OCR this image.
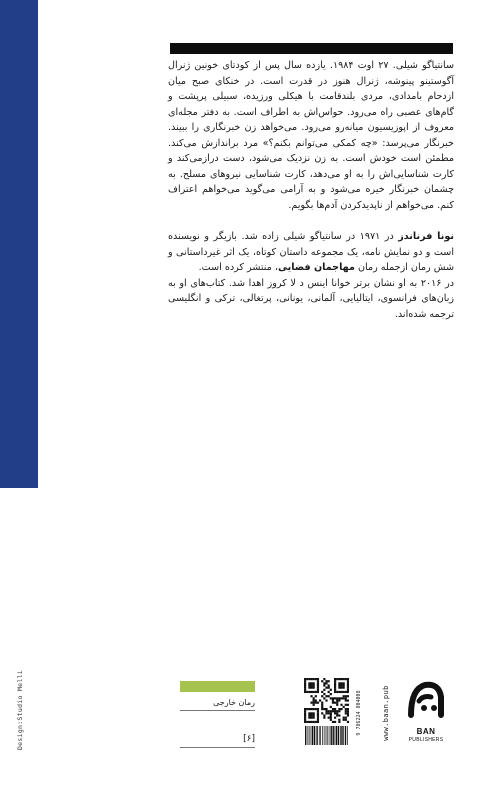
سانتیاگو شیلی. ۲۷ اوت ۱۹۸۴. یازده سال پس از کودتای خونین ژنرال آگوستینو پینوشه، ژنرال هنوز در قدرت است. در خنکای صبح میان ازدحام بامدادی، مردی بلندقامت با هیکلی ورزیده، سبیلی پرپشت و گام‌های عصبی راه می‌رود. حواس‌اش به اطراف است. به دفتر مجله‌ای معروف از اپوزیسیون میانه‌رو می‌رود. می‌خواهد زن خبرنگاری را ببیند. خبرنگار می‌پرسد: «چه کمکی می‌توانم بکنم؟» مرد براندازش می‌کند. مطمئن است خودش است. به زن نزدیک می‌شود، دست درازمی‌کند و کارت شناسایی‌اش را به او می‌دهد، کارت شناسایی نیروهای مسلح. به چشمان خبرنگار خیره می‌شود و به آرامی می‌گوید می‌خواهم اعتراف کنم. می‌خواهم از ناپدیدکردن آدم‌ها بگویم.

نونا فرناندز در ۱۹۷۱ در سانتیاگو شیلی زاده شد. بازیگر و نویسنده است و دو نمایش نامه، یک مجموعه داستان کوتاه، یک اثر غیرداستانی و شش رمان ازجمله رمان مهاجمان فضایی، منتشر کرده است.

در ۲۰۱۶ به او نشان برتر خوانا اینس د لا کروز اهدا شد. کتاب‌های او به زبان‌های فرانسوی، ایتالیایی، آلمانی، یونانی، پرتغالی، ترکی و انگلیسی ترجمه شده‌اند.

Design:Studio Melli	رمان خارجی
[۶]
9 786224 804008	www.baan.pub	BAN
PUBLISHERS
